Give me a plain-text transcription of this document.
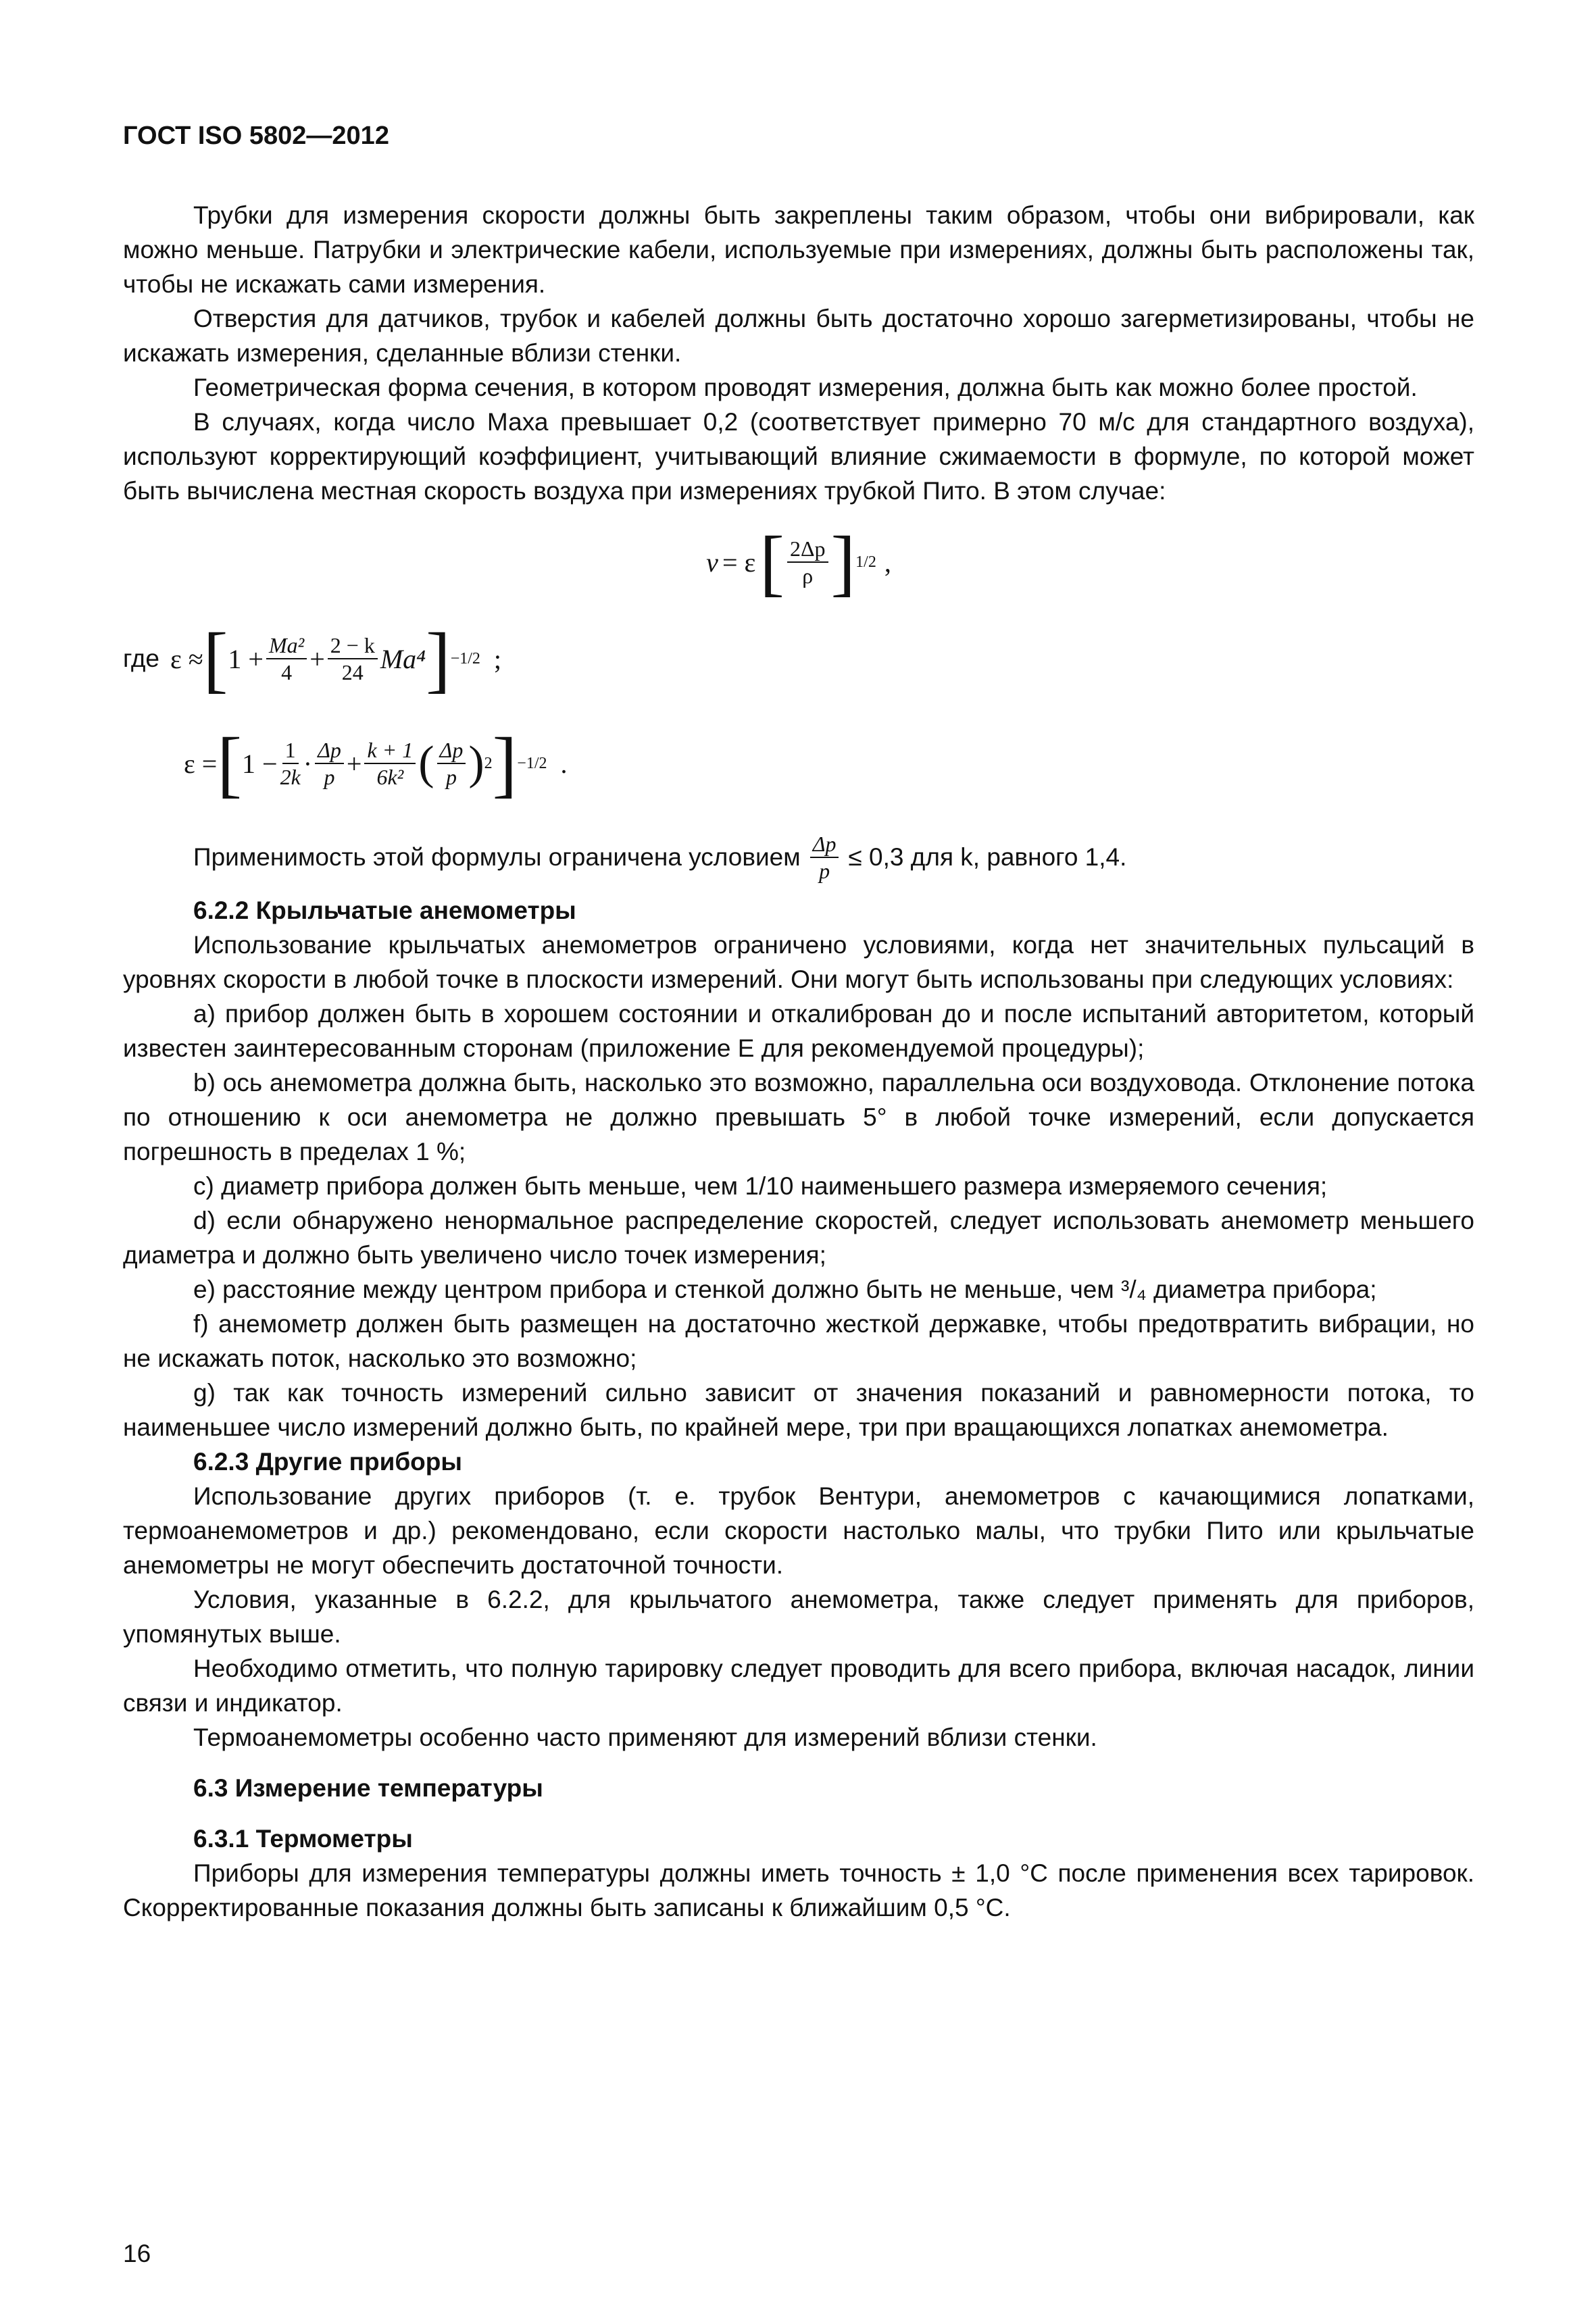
ГОСТ ISO 5802—2012

Трубки для измерения скорости должны быть закреплены таким образом, чтобы они вибрировали, как можно меньше. Патрубки и электрические кабели, используемые при измерениях, должны быть расположены так, чтобы не искажать сами измерения.

Отверстия для датчиков, трубок и кабелей должны быть достаточно хорошо загерметизированы, чтобы не искажать измерения, сделанные вблизи стенки.

Геометрическая форма сечения, в котором проводят измерения, должна быть как можно более простой.

В случаях, когда число Маха превышает 0,2 (соответствует примерно 70 м/с для стандартного воздуха), используют корректирующий коэффициент, учитывающий влияние сжимаемости в формуле, по которой может быть вычислена местная скорость воздуха при измерениях трубкой Пито. В этом случае:

v = ε [ $\frac{2\Delta p}{\rho}$ ] 1/2 ,
где ε ≈ [ $1 + \frac{\text{Ma²}}{4} + \frac{2 - k}{24} Ma^4$ ] −1/2 ;
ε = [ $1 - \frac{1}{2k} \cdot \frac{\Delta p}{p} + \frac{k + 1}{\text{6k²}}$ ( $\frac{\Delta p}{p}$ ) 2 ] −1/2 .
Применимость этой формулы ограничена условием $\frac{\Delta p}{p} \le 0,3$ для k, равного 1,4.
6.2.2 Крыльчатые анемометры

Использование крыльчатых анемометров ограничено условиями, когда нет значительных пульсаций в уровнях скорости в любой точке в плоскости измерений. Они могут быть использованы при следующих условиях:

a) прибор должен быть в хорошем состоянии и откалиброван до и после испытаний авторитетом, который известен заинтересованным сторонам (приложение Е для рекомендуемой процедуры);

b) ось анемометра должна быть, насколько это возможно, параллельна оси воздуховода. Отклонение потока по отношению к оси анемометра не должно превышать 5° в любой точке измерений, если допускается погрешность в пределах 1 %;

c) диаметр прибора должен быть меньше, чем 1/10 наименьшего размера измеряемого сечения;

d) если обнаружено ненормальное распределение скоростей, следует использовать анемометр меньшего диаметра и должно быть увеличено число точек измерения;

e) расстояние между центром прибора и стенкой должно быть не меньше, чем ³/₄ диаметра прибора;

f) анемометр должен быть размещен на достаточно жесткой державке, чтобы предотвратить вибрации, но не искажать поток, насколько это возможно;

g) так как точность измерений сильно зависит от значения показаний и равномерности потока, то наименьшее число измерений должно быть, по крайней мере, три при вращающихся лопатках анемометра.

6.2.3 Другие приборы

Использование других приборов (т. е. трубок Вентури, анемометров с качающимися лопатками, термоанемометров и др.) рекомендовано, если скорости настолько малы, что трубки Пито или крыльчатые анемометры не могут обеспечить достаточной точности.

Условия, указанные в 6.2.2, для крыльчатого анемометра, также следует применять для приборов, упомянутых выше.

Необходимо отметить, что полную тарировку следует проводить для всего прибора, включая насадок, линии связи и индикатор.

Термоанемометры особенно часто применяют для измерений вблизи стенки.

6.3 Измерение температуры
6.3.1 Термометры

Приборы для измерения температуры должны иметь точность ± 1,0 °С после применения всех тарировок. Скорректированные показания должны быть записаны к ближайшим 0,5 °С.

16
